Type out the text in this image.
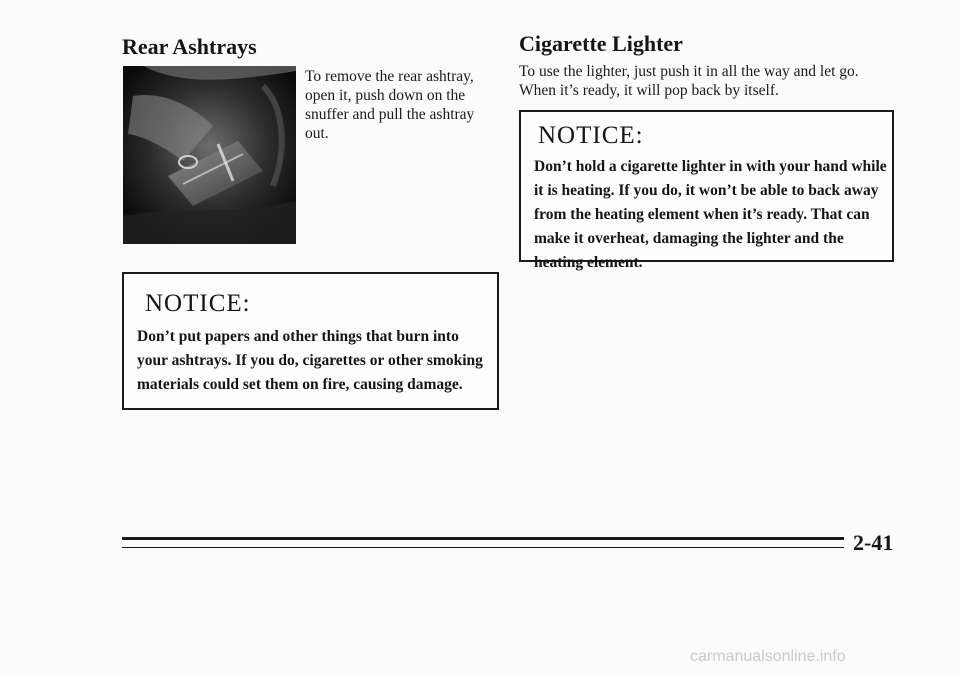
Rear Ashtrays

To remove the rear ashtray, open it, push down on the snuffer and pull the ashtray out.

NOTICE:

Don’t put papers and other things that burn into your ashtrays. If you do, cigarettes or other smoking materials could set them on fire, causing damage.

Cigarette Lighter

To use the lighter, just push it in all the way and let go. When it’s ready, it will pop back by itself.

NOTICE:

Don’t hold a cigarette lighter in with your hand while it is heating. If you do, it won’t be able to back away from the heating element when it’s ready. That can make it overheat, damaging the lighter and the heating element.

2-41

carmanualsonline.info
